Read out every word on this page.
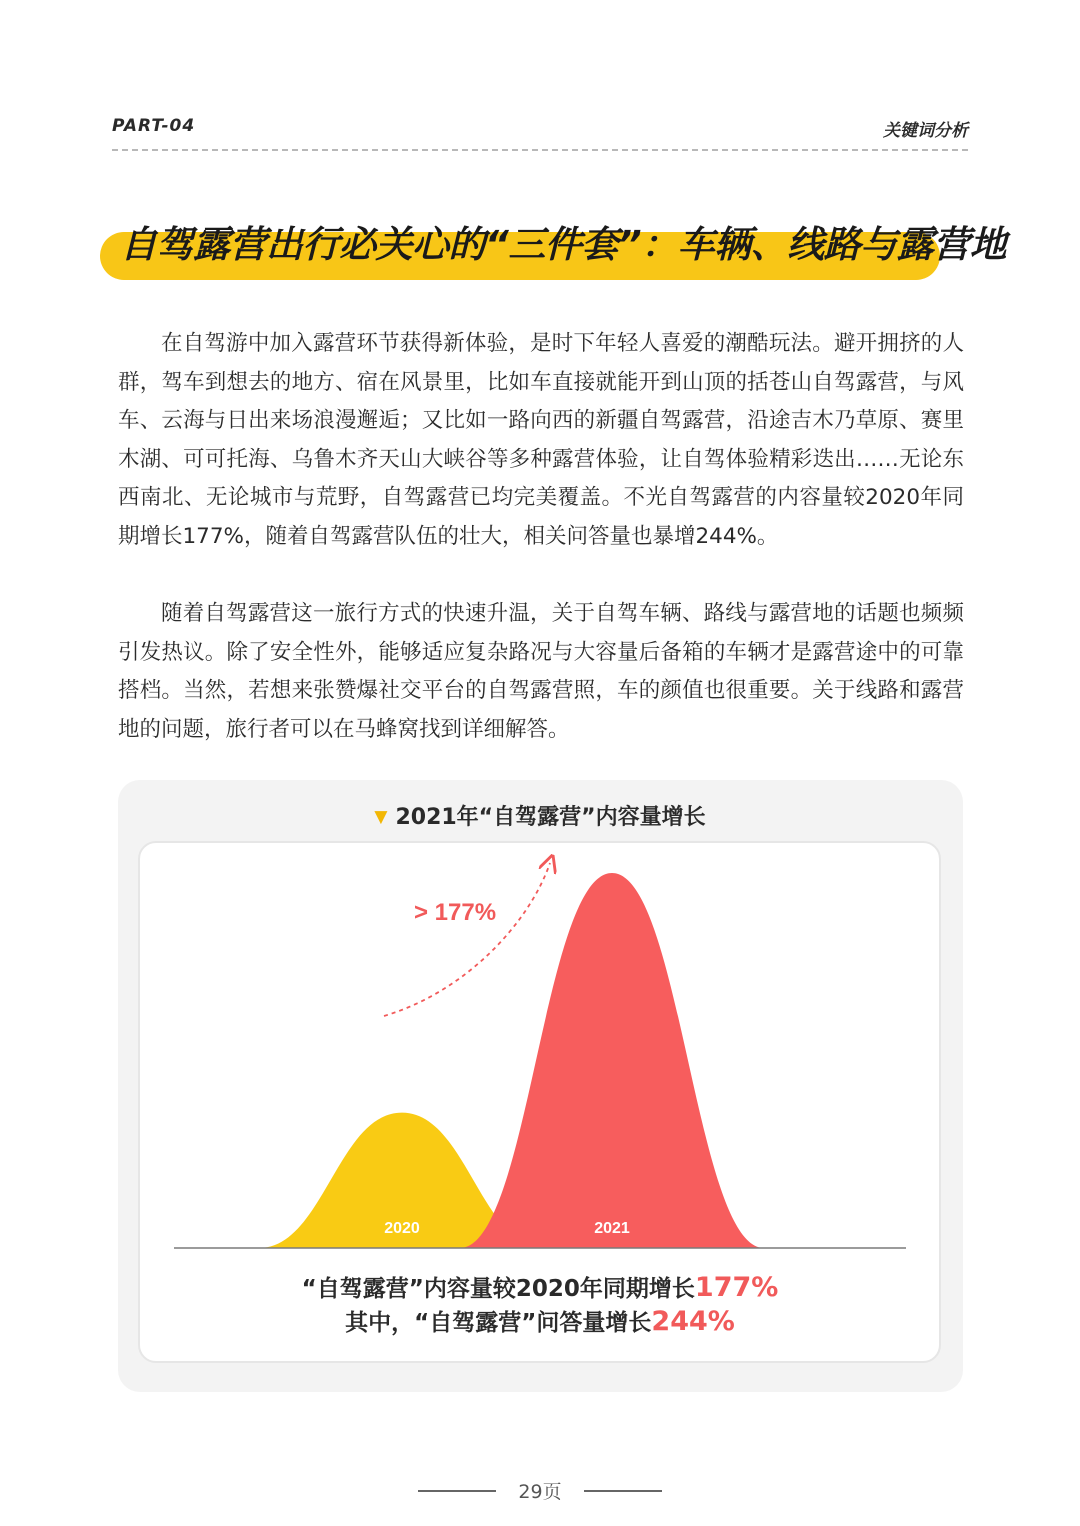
PART-04	关键词分析
自驾露营出行必关心的“三件套”：车辆、线路与露营地

在自驾游中加入露营环节获得新体验，是时下年轻人喜爱的潮酷玩法。避开拥挤的人群，驾车到想去的地方、宿在风景里，比如车直接就能开到山顶的括苍山自驾露营，与风车、云海与日出来场浪漫邂逅；又比如一路向西的新疆自驾露营，沿途吉木乃草原、赛里木湖、可可托海、乌鲁木齐天山大峡谷等多种露营体验，让自驾体验精彩迭出……无论东西南北、无论城市与荒野，自驾露营已均完美覆盖。不光自驾露营的内容量较2020年同期增长177%，随着自驾露营队伍的壮大，相关问答量也暴增244%。

随着自驾露营这一旅行方式的快速升温，关于自驾车辆、路线与露营地的话题也频频引发热议。除了安全性外，能够适应复杂路况与大容量后备箱的车辆才是露营途中的可靠搭档。当然，若想来张赞爆社交平台的自驾露营照，车的颜值也很重要。关于线路和露营地的问题，旅行者可以在马蜂窝找到详细解答。

▼ 2021年“自驾露营”内容量增长
2020	2021
> 177%
“自驾露营”内容量较2020年同期增长177%
其中，“自驾露营”问答量增长244%
29页
